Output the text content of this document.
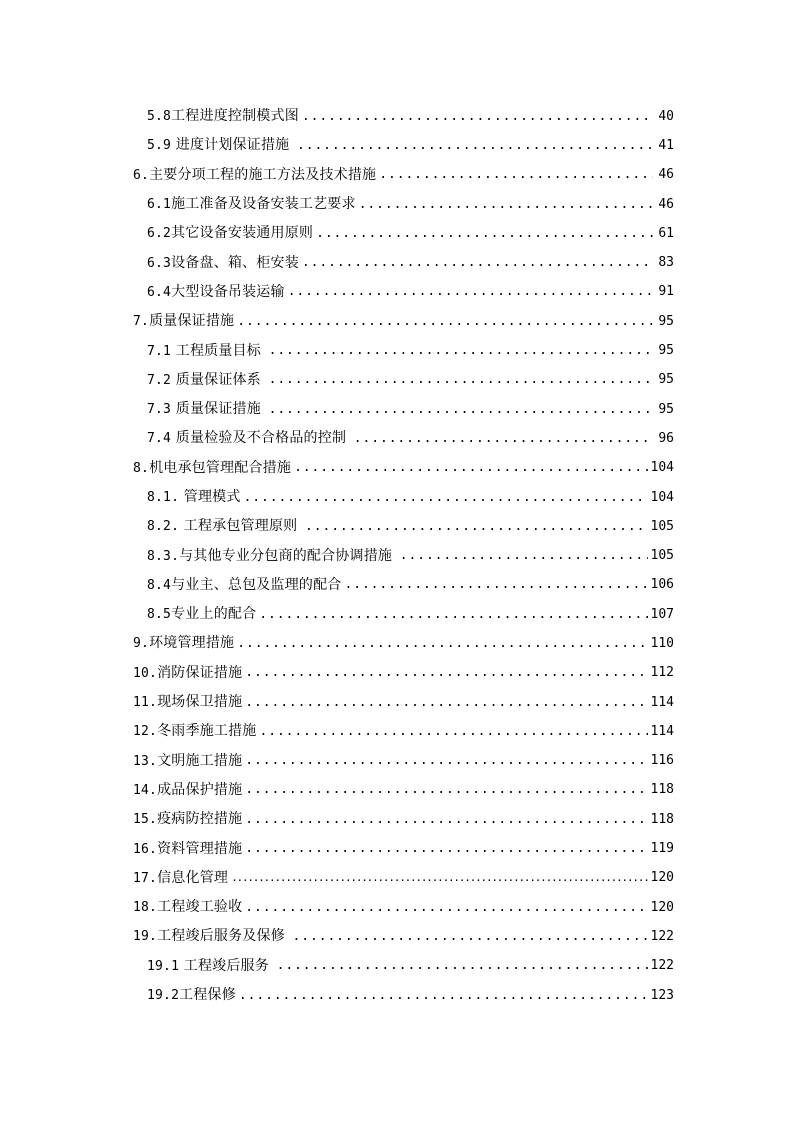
5.8工程进度控制模式图 .....	40
5.9 进度计划保证措施 .....	41
6.主要分项工程的施工方法及技术措施 .....	46
6.1施工准备及设备安装工艺要求 .....	46
6.2其它设备安装通用原则 .....	61
6.3设备盘、箱、柜安装 .....	83
6.4大型设备吊装运输 .....	91
7.质量保证措施 .....	95
7.1 工程质量目标 .....	95
7.2 质量保证体系 .....	95
7.3 质量保证措施 .....	95
7.4 质量检验及不合格品的控制 .....	96
8.机电承包管理配合措施 .....	104
8.1. 管理模式 .....	104
8.2. 工程承包管理原则 .....	105
8.3.与其他专业分包商的配合协调措施 .....	105
8.4与业主、总包及监理的配合 .....	106
8.5专业上的配合 .....	107
9.环境管理措施 .....	110
10.消防保证措施 .....	112
11.现场保卫措施 .....	114
12.冬雨季施工措施 .....	114
13.文明施工措施 .....	116
14.成品保护措施 .....	118
15.疫病防控措施 .....	118
16.资料管理措施 .....	119
17.信息化管理 .....	120
18.工程竣工验收 .....	120
19.工程竣后服务及保修 .....	122
19.1 工程竣后服务 .....	122
19.2工程保修 .....	123
